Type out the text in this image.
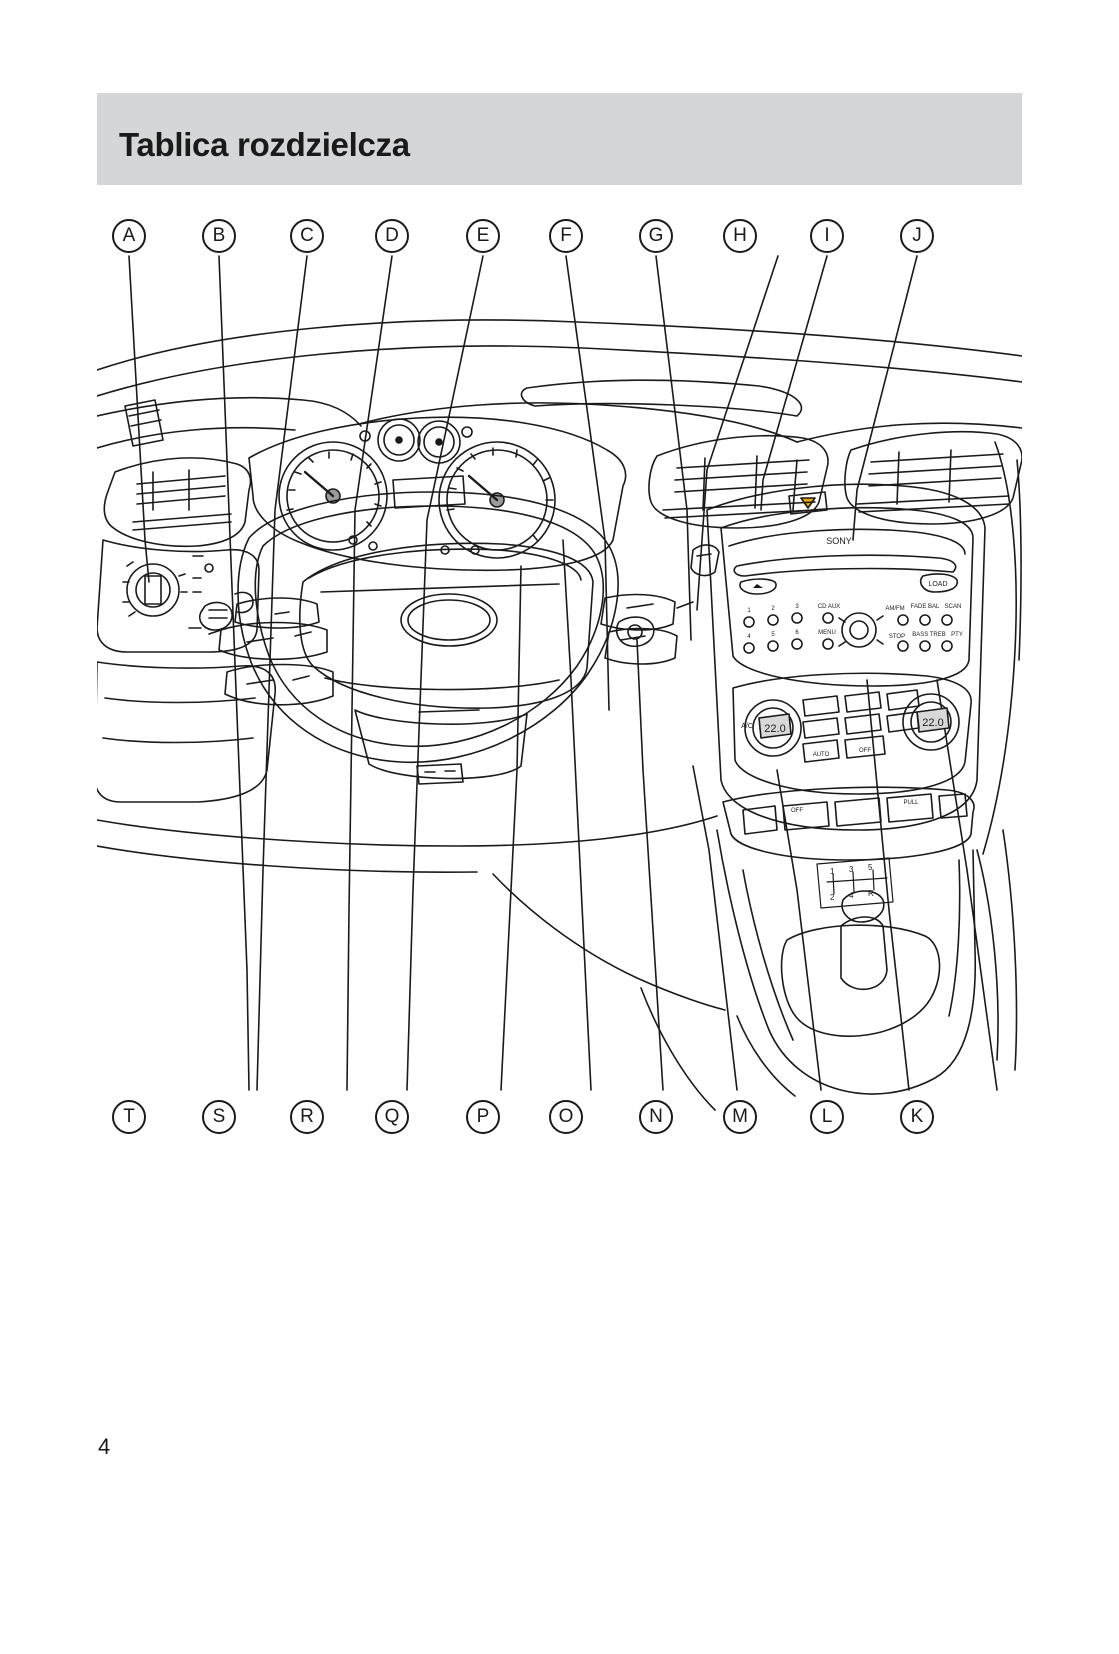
Tablica rozdzielcza
A	B	C	D	E	F	G	H	I	J
T	S	R	Q	P	O	N	M	L	K
SONY
LOAD
1	2	3
4	5	6
CD AUX
MENU
AM/FM FADE BAL SCAN
STOP BASS TREB PTY
22.0
A/C	22.0
AUTO
OFF
OFF
PULL
1 3 5
2 4 R
4
